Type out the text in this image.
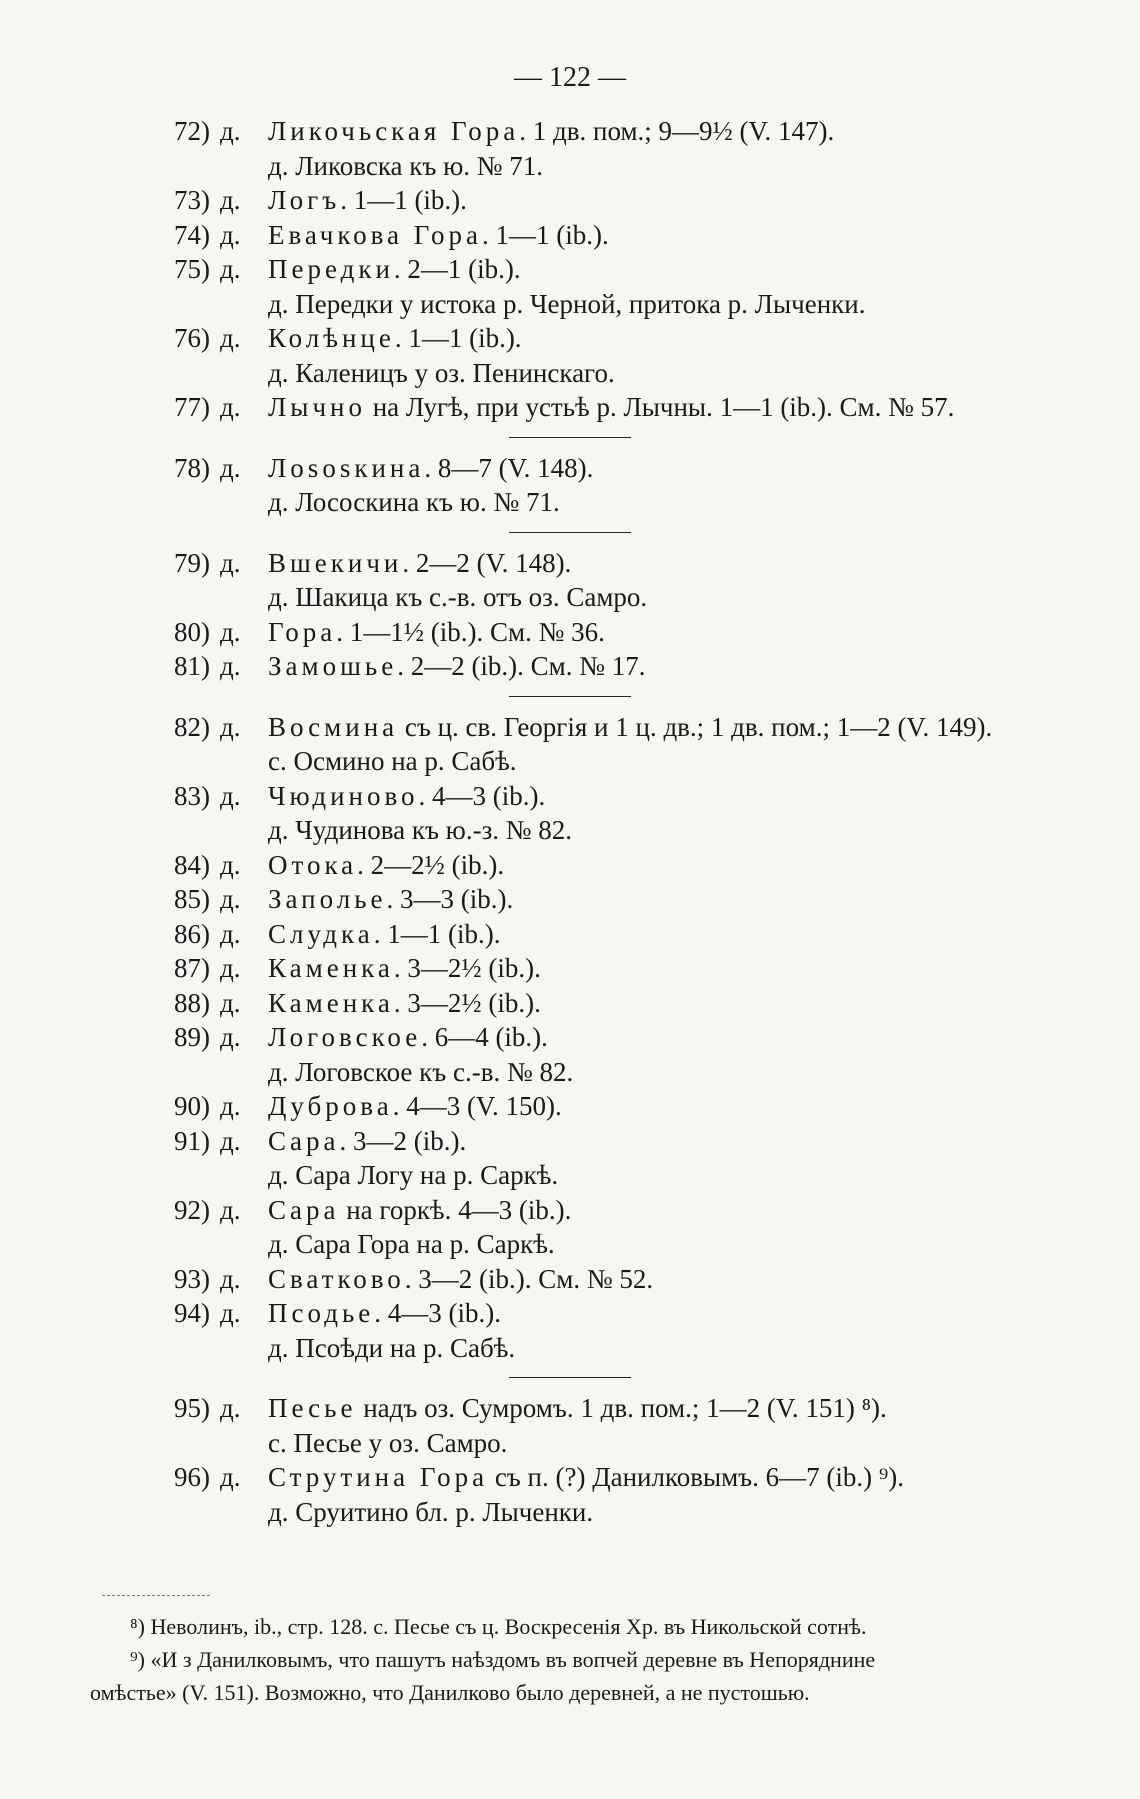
— 122 —
72) д. Ликочьская Гора. 1 дв. пом.; 9—9½ (V. 147).
д. Ликовска къ ю. № 71.
73) д. Логъ. 1—1 (ib.).
74) д. Евачкова Гора. 1—1 (ib.).
75) д. Передки. 2—1 (ib.).
д. Передки у истока р. Черной, притока р. Лыченки.
76) д. Колѣнце. 1—1 (ib.).
д. Каленицъ у оз. Пенинскаго.
77) д. Лычно на Лугѣ, при устьѣ р. Лычны. 1—1 (ib.). См. № 57.
78) д. Лososкина. 8—7 (V. 148).
д. Лососкина къ ю. № 71.
79) д. Вшекичи. 2—2 (V. 148).
д. Шакица къ с.-в. отъ оз. Самро.
80) д. Гора. 1—1½ (ib.). См. № 36.
81) д. Замошье. 2—2 (ib.). См. № 17.
82) д. Восмина съ ц. св. Георгія и 1 ц. дв.; 1 дв. пом.; 1—2 (V. 149).
с. Осмино на р. Сабѣ.
83) д. Чюдиново. 4—3 (ib.).
д. Чудинова къ ю.-з. № 82.
84) д. Отока. 2—2½ (ib.).
85) д. Заполье. 3—3 (ib.).
86) д. Слудка. 1—1 (ib.).
87) д. Каменка. 3—2½ (ib.).
88) д. Каменка. 3—2½ (ib.).
89) д. Логовское. 6—4 (ib.).
д. Логовское къ с.-в. № 82.
90) д. Дуброва. 4—3 (V. 150).
91) д. Сара. 3—2 (ib.).
д. Сара Логу на р. Саркѣ.
92) д. Сара на горкѣ. 4—3 (ib.).
д. Сара Гора на р. Саркѣ.
93) д. Сватково. 3—2 (ib.). См. № 52.
94) д. Псодье. 4—3 (ib.).
д. Псоѣди на р. Сабѣ.
95) д. Песье надъ оз. Сумромъ. 1 дв. пом.; 1—2 (V. 151) ⁸).
с. Песье у оз. Самро.
96) д. Струтина Гора съ п. (?) Данилковымъ. 6—7 (ib.) ⁹).
д. Сруитино бл. р. Лыченки.
⁸) Неволинъ, ib., стр. 128. с. Песье съ ц. Воскресенія Хр. въ Никольской сотнѣ.
⁹) «И з Данилковымъ, что пашутъ наѣздомъ въ вопчей деревне въ Непоряднине
омѣстье» (V. 151). Возможно, что Данилково было деревней, а не пустошью.
